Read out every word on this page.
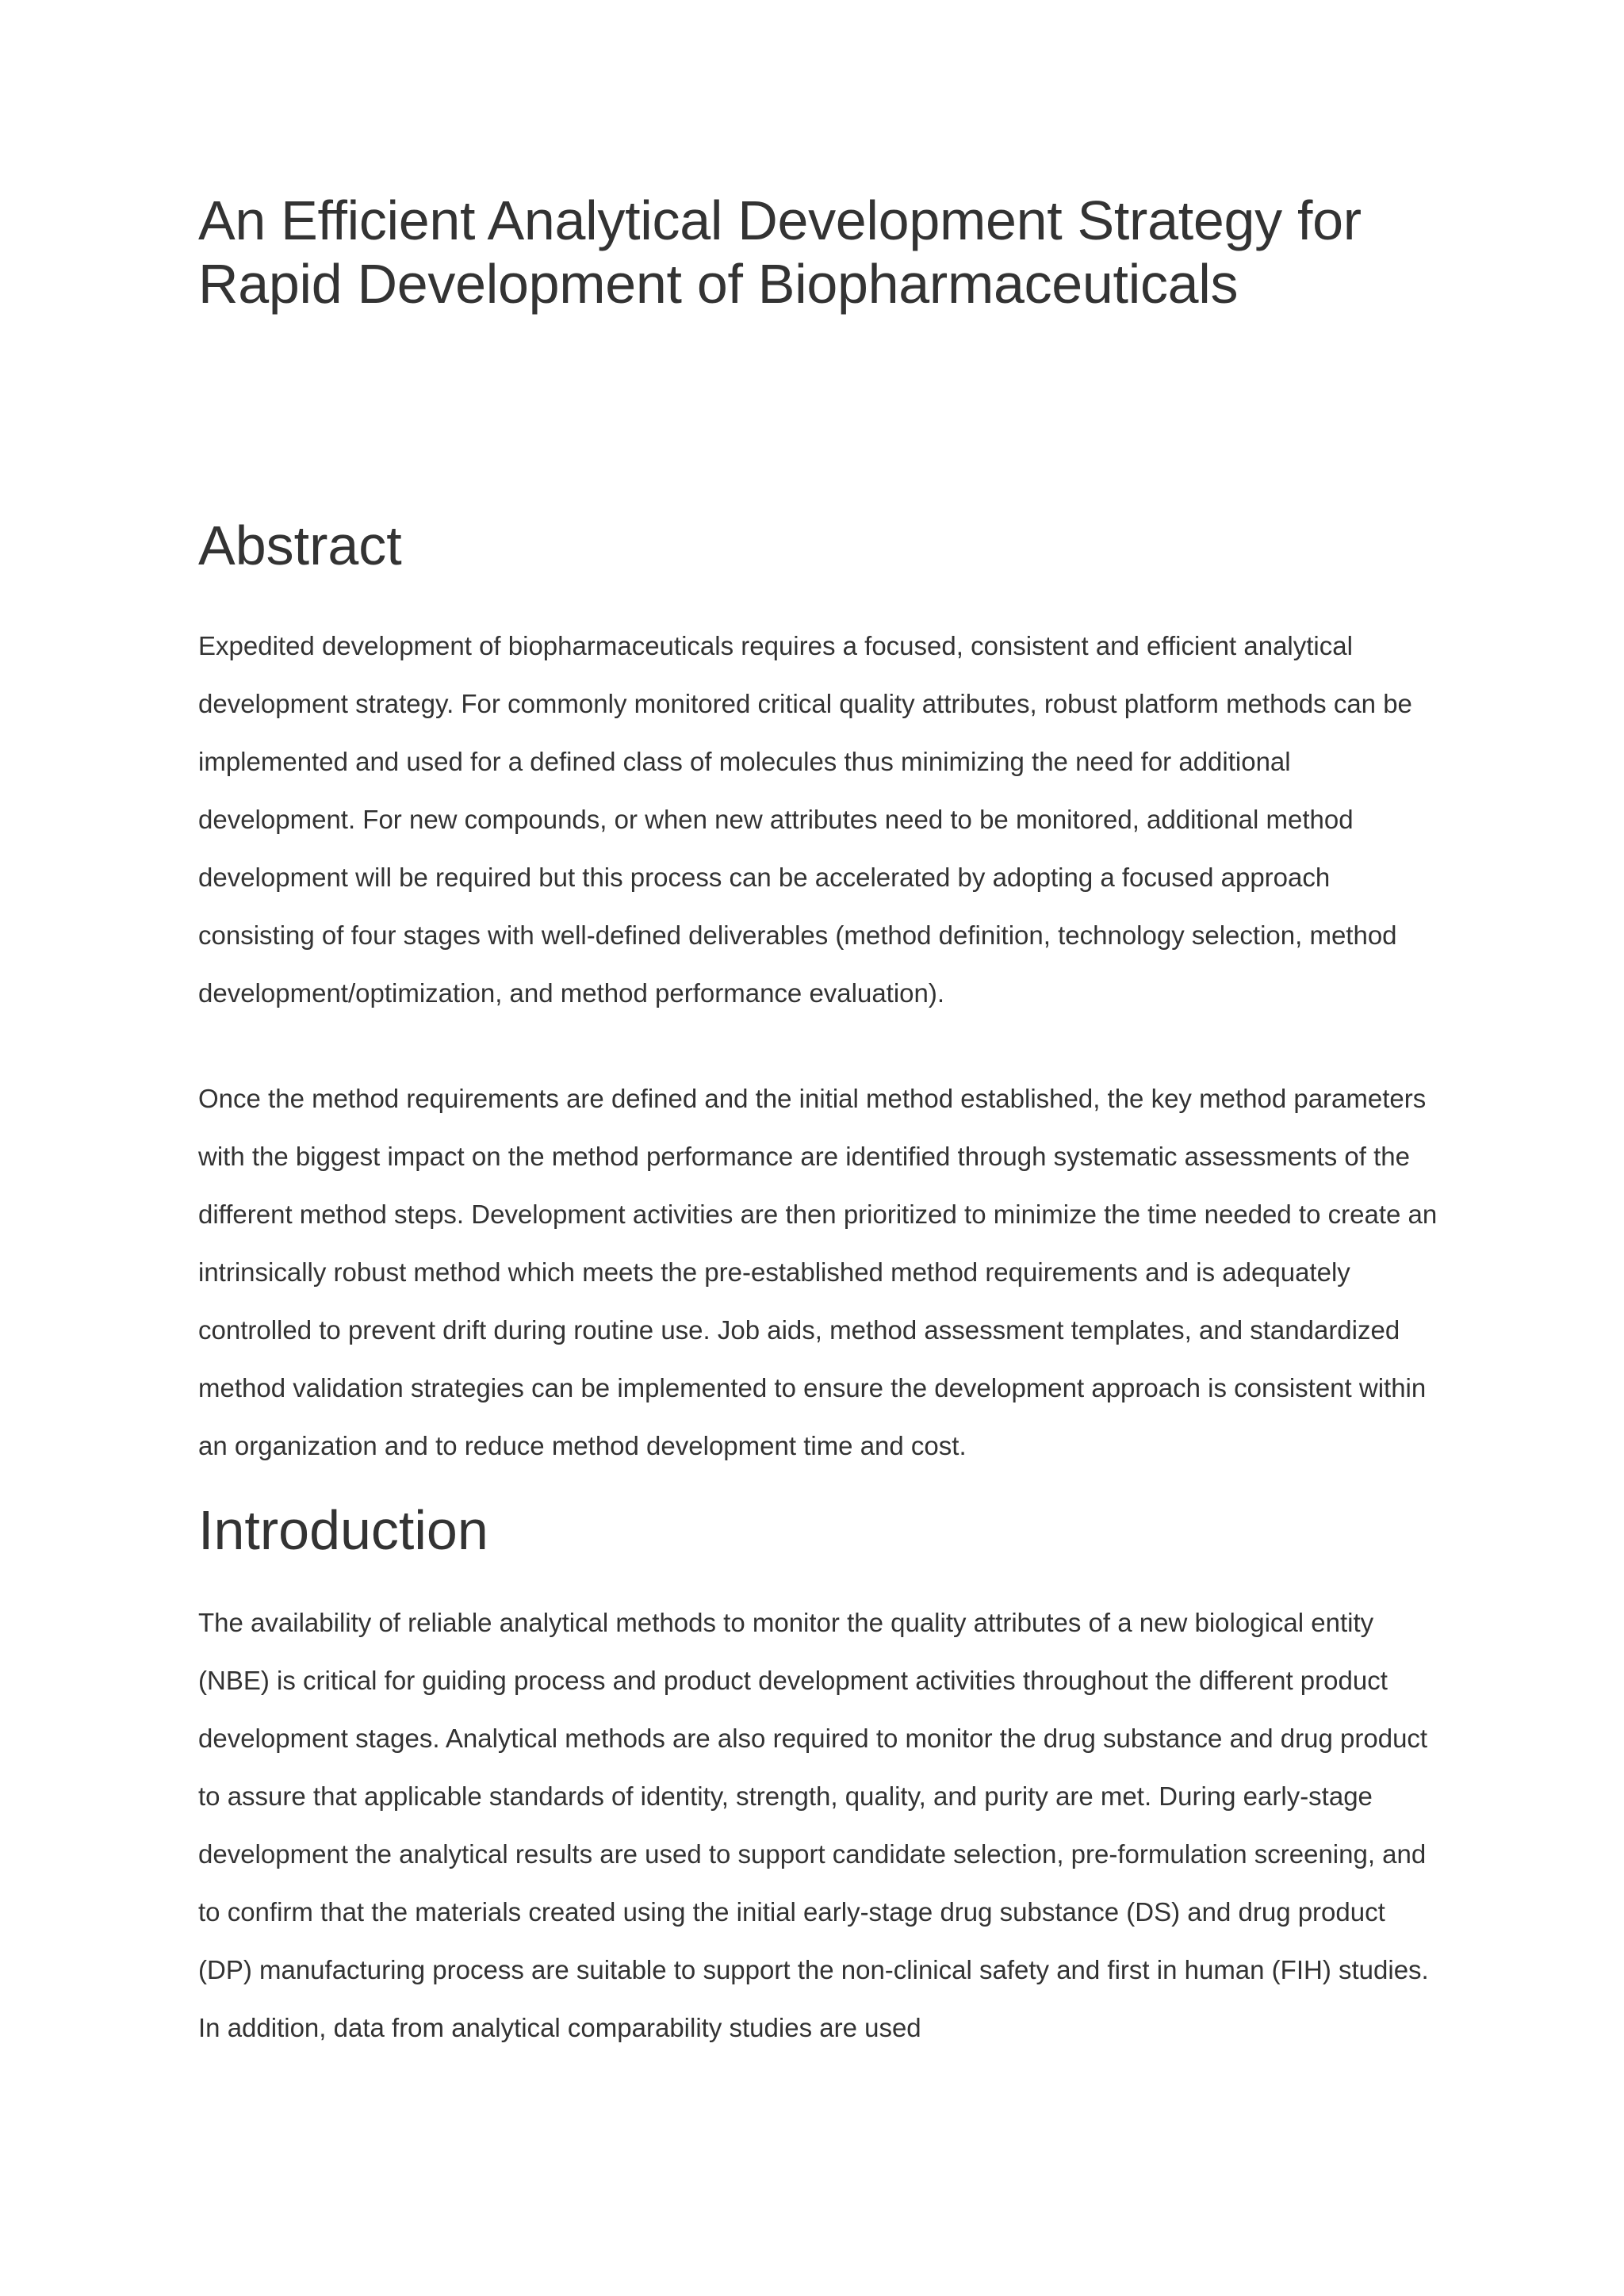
An Efficient Analytical Development Strategy for Rapid Development of Biopharmaceuticals
Abstract

Expedited development of biopharmaceuticals requires a focused, consistent and efficient analytical development strategy. For commonly monitored critical quality attributes, robust platform methods can be implemented and used for a defined class of molecules thus minimizing the need for additional development. For new compounds, or when new attributes need to be monitored, additional method development will be required but this process can be accelerated by adopting a focused approach consisting of four stages with well-defined deliverables (method definition, technology selection, method development/optimization, and method performance evaluation).

Once the method requirements are defined and the initial method established, the key method parameters with the biggest impact on the method performance are identified through systematic assessments of the different method steps. Development activities are then prioritized to minimize the time needed to create an intrinsically robust method which meets the pre-established method requirements and is adequately controlled to prevent drift during routine use. Job aids, method assessment templates, and standardized method validation strategies can be implemented to ensure the development approach is consistent within an organization and to reduce method development time and cost.

Introduction

The availability of reliable analytical methods to monitor the quality attributes of a new biological entity (NBE) is critical for guiding process and product development activities throughout the different product development stages. Analytical methods are also required to monitor the drug substance and drug product to assure that applicable standards of identity, strength, quality, and purity are met. During early-stage development the analytical results are used to support candidate selection, pre-formulation screening, and to confirm that the materials created using the initial early-stage drug substance (DS) and drug product (DP) manufacturing process are suitable to support the non-clinical safety and first in human (FIH) studies. In addition, data from analytical comparability studies are used
